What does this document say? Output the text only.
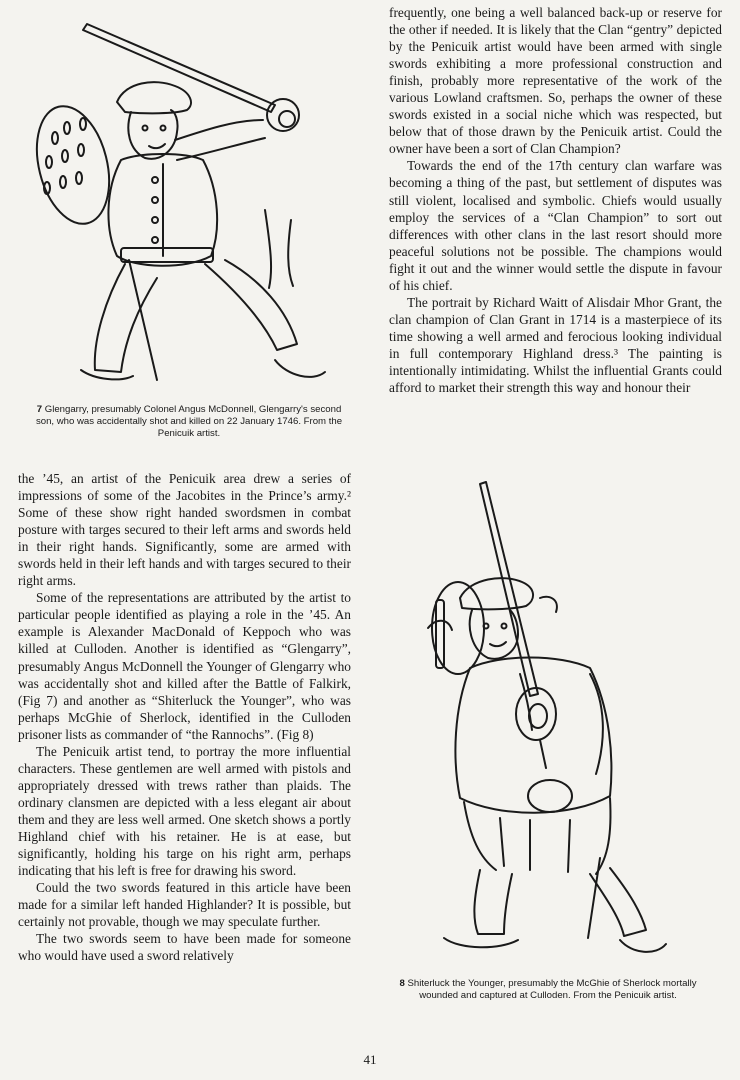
7 Glengarry, presumably Colonel Angus McDonnell, Glengarry's second son, who was accidentally shot and killed on 22 January 1746. From the Penicuik artist.

frequently, one being a well balanced back-up or reserve for the other if needed. It is likely that the Clan “gentry” depicted by the Penicuik artist would have been armed with single swords exhibiting a more professional construction and finish, probably more representative of the work of the various Lowland craftsmen. So, perhaps the owner of these swords existed in a social niche which was respected, but below that of those drawn by the Penicuik artist. Could the owner have been a sort of Clan Champion?

Towards the end of the 17th century clan warfare was becoming a thing of the past, but settlement of disputes was still violent, localised and symbolic. Chiefs would usually employ the services of a “Clan Champion” to sort out differences with other clans in the last resort should more peaceful solutions not be possible. The champions would fight it out and the winner would settle the dispute in favour of his chief.

The portrait by Richard Waitt of Alisdair Mhor Grant, the clan champion of Clan Grant in 1714 is a masterpiece of its time showing a well armed and ferocious looking individual in full contemporary Highland dress.³ The painting is intentionally intimidating. Whilst the influential Grants could afford to market their strength this way and honour their

the ’45, an artist of the Penicuik area drew a series of impressions of some of the Jacobites in the Prince’s army.² Some of these show right handed swordsmen in combat posture with targes secured to their left arms and swords held in their right hands. Significantly, some are armed with swords held in their left hands and with targes secured to their right arms.

Some of the representations are attributed by the artist to particular people identified as playing a role in the ’45. An example is Alexander MacDonald of Keppoch who was killed at Culloden. Another is identified as “Glengarry”, presumably Angus McDonnell the Younger of Glengarry who was accidentally shot and killed after the Battle of Falkirk, (Fig 7) and another as “Shiterluck the Younger”, who was perhaps McGhie of Sherlock, identified in the Culloden prisoner lists as commander of “the Rannochs”. (Fig 8)

The Penicuik artist tend, to portray the more influential characters. These gentlemen are well armed with pistols and appropriately dressed with trews rather than plaids. The ordinary clansmen are depicted with a less elegant air about them and they are less well armed. One sketch shows a portly Highland chief with his retainer. He is at ease, but significantly, holding his targe on his right arm, perhaps indicating that his left is free for drawing his sword.

Could the two swords featured in this article have been made for a similar left handed Highlander? It is possible, but certainly not provable, though we may speculate further.

The two swords seem to have been made for someone who would have used a sword relatively

8 Shiterluck the Younger, presumably the McGhie of Sherlock mortally wounded and captured at Culloden. From the Penicuik artist.

41
